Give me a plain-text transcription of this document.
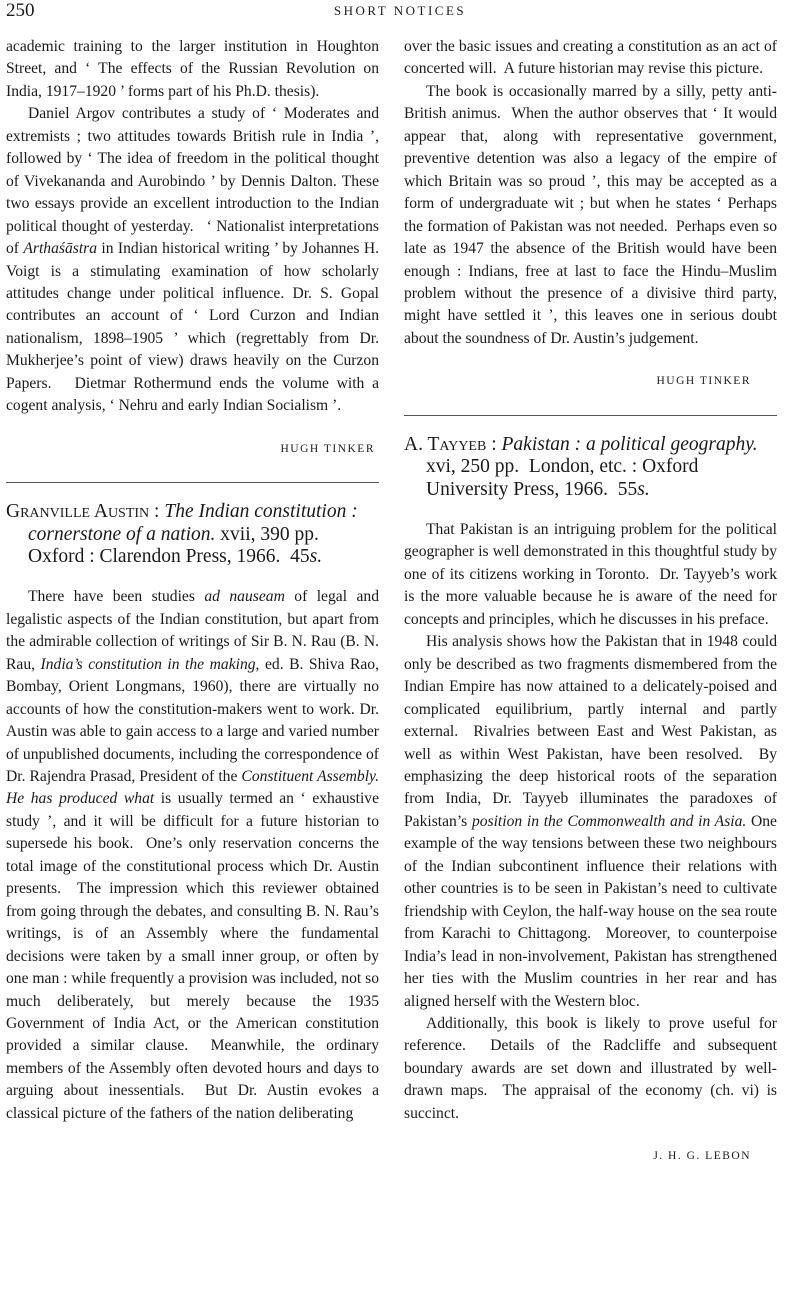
250	SHORT NOTICES

academic training to the larger institution in Houghton Street, and ‘ The effects of the Russian Revolution on India, 1917–1920 ’ forms part of his Ph.D. thesis).

Daniel Argov contributes a study of ‘ Moderates and extremists ; two attitudes towards British rule in India ’, followed by ‘ The idea of freedom in the political thought of Vivekananda and Aurobindo ’ by Dennis Dalton. These two essays provide an excellent introduction to the Indian political thought of yesterday.   ‘ Nationalist interpretations of Arthaśāstra in Indian historical writing ’ by Johannes H. Voigt is a stimulating examination of how scholarly attitudes change under political influence. Dr. S. Gopal contributes an account of ‘ Lord Curzon and Indian nationalism, 1898–1905 ’ which (regrettably from Dr. Mukherjee’s point of view) draws heavily on the Curzon Papers.   Dietmar Rothermund ends the volume with a cogent analysis, ‘ Nehru and early Indian Socialism ’.

HUGH TINKER
Granville Austin : The Indian constitution : cornerstone of a nation. xvii, 390 pp.  Oxford : Clarendon Press, 1966.  45s.

There have been studies ad nauseam of legal and legalistic aspects of the Indian constitution, but apart from the admirable collection of writings of Sir B. N. Rau (B. N. Rau, India’s constitution in the making, ed. B. Shiva Rao, Bombay, Orient Longmans, 1960), there are virtually no accounts of how the constitution-makers went to work. Dr. Austin was able to gain access to a large and varied number of unpublished documents, including the correspondence of Dr. Rajendra Prasad, President of the Constituent Assembly. He has produced what is usually termed an ‘ exhaustive study ’, and it will be difficult for a future historian to supersede his book.  One’s only reservation concerns the total image of the constitutional process which Dr. Austin presents.  The impression which this reviewer obtained from going through the debates, and consulting B. N. Rau’s writings, is of an Assembly where the fundamental decisions were taken by a small inner group, or often by one man : while frequently a provision was included, not so much deliberately, but merely because the 1935 Government of India Act, or the American constitution provided a similar clause.  Meanwhile, the ordinary members of the Assembly often devoted hours and days to arguing about inessentials.  But Dr. Austin evokes a classical picture of the fathers of the nation deliberating

over the basic issues and creating a constitution as an act of concerted will.  A future historian may revise this picture.

The book is occasionally marred by a silly, petty anti-British animus.  When the author observes that ‘ It would appear that, along with representative government, preventive detention was also a legacy of the empire of which Britain was so proud ’, this may be accepted as a form of undergraduate wit ; but when he states ‘ Perhaps the formation of Pakistan was not needed.  Perhaps even so late as 1947 the absence of the British would have been enough : Indians, free at last to face the Hindu–Muslim problem without the presence of a divisive third party, might have settled it ’, this leaves one in serious doubt about the soundness of Dr. Austin’s judgement.

HUGH TINKER
A. Tayyeb : Pakistan : a political geography. xvi, 250 pp.  London, etc. : Oxford University Press, 1966.  55s.

That Pakistan is an intriguing problem for the political geographer is well demonstrated in this thoughtful study by one of its citizens working in Toronto.  Dr. Tayyeb’s work is the more valuable because he is aware of the need for concepts and principles, which he discusses in his preface.

His analysis shows how the Pakistan that in 1948 could only be described as two fragments dismembered from the Indian Empire has now attained to a delicately-poised and complicated equilibrium, partly internal and partly external.  Rivalries between East and West Pakistan, as well as within West Pakistan, have been resolved.  By emphasizing the deep historical roots of the separation from India, Dr. Tayyeb illuminates the paradoxes of Pakistan’s position in the Commonwealth and in Asia. One example of the way tensions between these two neighbours of the Indian subcontinent influence their relations with other countries is to be seen in Pakistan’s need to cultivate friendship with Ceylon, the half-way house on the sea route from Karachi to Chittagong.  Moreover, to counterpoise India’s lead in non-involvement, Pakistan has strengthened her ties with the Muslim countries in her rear and has aligned herself with the Western bloc.

Additionally, this book is likely to prove useful for reference.  Details of the Radcliffe and subsequent boundary awards are set down and illustrated by well-drawn maps.  The appraisal of the economy (ch. vi) is succinct.

J. H. G. LEBON
